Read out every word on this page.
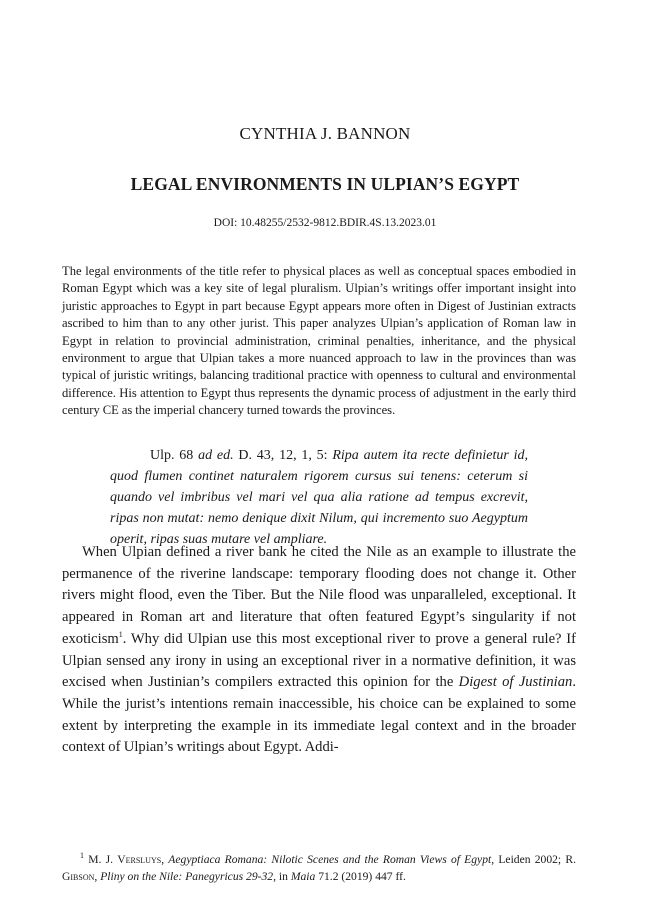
CYNTHIA J. BANNON
LEGAL ENVIRONMENTS IN ULPIAN’S EGYPT
DOI: 10.48255/2532-9812.BDIR.4S.13.2023.01

The legal environments of the title refer to physical places as well as conceptual spaces embodied in Roman Egypt which was a key site of legal pluralism. Ulpian’s writings offer important insight into juristic approaches to Egypt in part because Egypt appears more often in Digest of Justinian extracts ascribed to him than to any other jurist. This paper analyzes Ulpian’s application of Roman law in Egypt in relation to provincial administration, criminal penalties, inheritance, and the physical environment to argue that Ulpian takes a more nuanced approach to law in the provinces than was typical of juristic writings, balancing traditional practice with openness to cultural and environmental difference. His attention to Egypt thus represents the dynamic process of adjustment in the early third century CE as the imperial chancery turned towards the provinces.

Ulp. 68 ad ed. D. 43, 12, 1, 5: Ripa autem ita recte definietur id, quod flumen continet naturalem rigorem cursus sui tenens: ceterum si quando vel imbribus vel mari vel qua alia ratione ad tempus excrevit, ripas non mutat: nemo denique dixit Nilum, qui incremento suo Aegyptum operit, ripas suas mutare vel ampliare.

When Ulpian defined a river bank he cited the Nile as an example to illustrate the permanence of the riverine landscape: temporary flooding does not change it. Other rivers might flood, even the Tiber. But the Nile flood was unparalleled, exceptional. It appeared in Roman art and literature that often featured Egypt’s singularity if not exoticism$^1$. Why did Ulpian use this most exceptional river to prove a general rule? If Ulpian sensed any irony in using an exceptional river in a normative definition, it was excised when Justinian’s compilers extracted this opinion for the Digest of Justinian. While the jurist’s intentions remain inaccessible, his choice can be explained to some extent by interpreting the example in its immediate legal context and in the broader context of Ulpian’s writings about Egypt. Addi-

$^1$ M. J. Versluys, Aegyptiaca Romana: Nilotic Scenes and the Roman Views of Egypt, Leiden 2002; R. Gibson, Pliny on the Nile: Panegyricus 29-32, in Maia 71.2 (2019) 447 ff.
